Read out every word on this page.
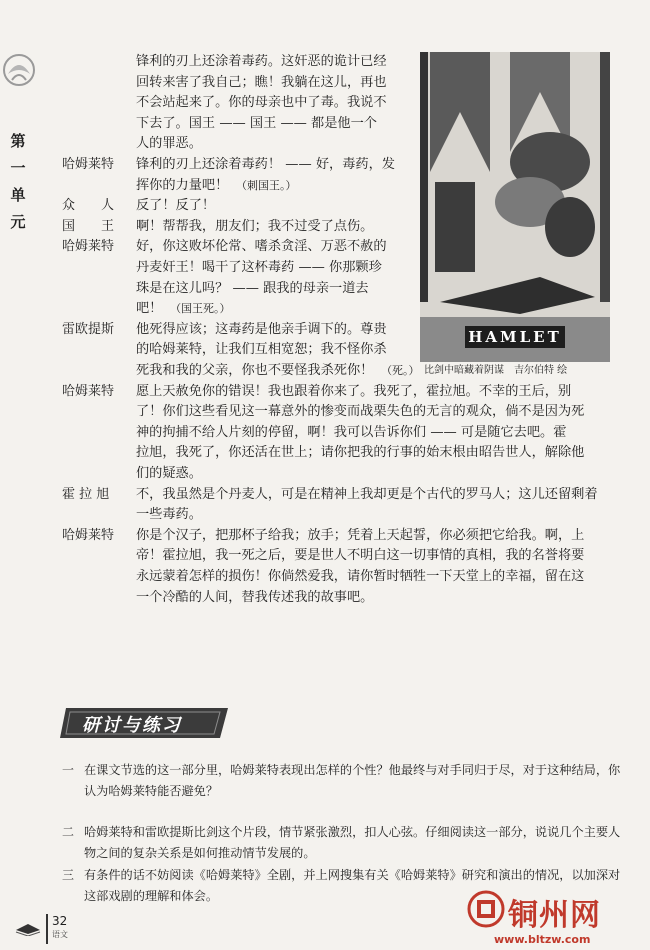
第
一
单
元
锋利的刃上还涂着毒药。这奸恶的诡计已经
回转来害了我自己；瞧！我躺在这儿，再也
不会站起来了。你的母亲也中了毒。我说不
下去了。国王 —— 国王 —— 都是他一个
人的罪恶。
哈姆莱特 锋利的刃上还涂着毒药！ —— 好，毒药，发
挥你的力量吧！　 （刺国王。）
众　　人 反了！反了！
国　　王 啊！帮帮我，朋友们；我不过受了点伤。
哈姆莱特 好，你这败坏伦常、嗜杀贪淫、万恶不赦的
丹麦奸王！喝干了这杯毒药 —— 你那颗珍
珠是在这儿吗？ —— 跟我的母亲一道去
吧！　 （国王死。）
雷欧提斯 他死得应该；这毒药是他亲手调下的。尊贵
的哈姆莱特，让我们互相宽恕；我不怪你杀
死我和我的父亲，你也不要怪我杀死你！　 （死。）
哈姆莱特 愿上天赦免你的错误！我也跟着你来了。我死了，霍拉旭。不幸的王后，别
了！你们这些看见这一幕意外的惨变而战栗失色的无言的观众，倘不是因为死
神的拘捕不给人片刻的停留，啊！我可以告诉你们 —— 可是随它去吧。霍
拉旭，我死了，你还活在世上；请你把我的行事的始末根由昭告世人，解除他
们的疑惑。
霍 拉 旭 不，我虽然是个丹麦人，可是在精神上我却更是个古代的罗马人；这儿还留剩着
一些毒药。
哈姆莱特 你是个汉子，把那杯子给我；放手；凭着上天起誓，你必须把它给我。啊，上
帝！霍拉旭，我一死之后，要是世人不明白这一切事情的真相，我的名誉将要
永远蒙着怎样的损伤！你倘然爱我，请你暂时牺牲一下天堂上的幸福，留在这
一个冷酷的人间，替我传述我的故事吧。
HAMLET
比剑中暗藏着阴谋　吉尔伯特 绘
研讨与练习
一 在课文节选的这一部分里，哈姆莱特表现出怎样的个性？他最终与对手同归于尽，对于这种结局，你
认为哈姆莱特能否避免？
二 哈姆莱特和雷欧提斯比剑这个片段，情节紧张激烈，扣人心弦。仔细阅读这一部分，说说几个主要人
物之间的复杂关系是如何推动情节发展的。
三 有条件的话不妨阅读《哈姆莱特》全剧，并上网搜集有关《哈姆莱特》研究和演出的情况，以加深对
这部戏剧的理解和体会。
32
语文
铜州网
www.bltzw.com
